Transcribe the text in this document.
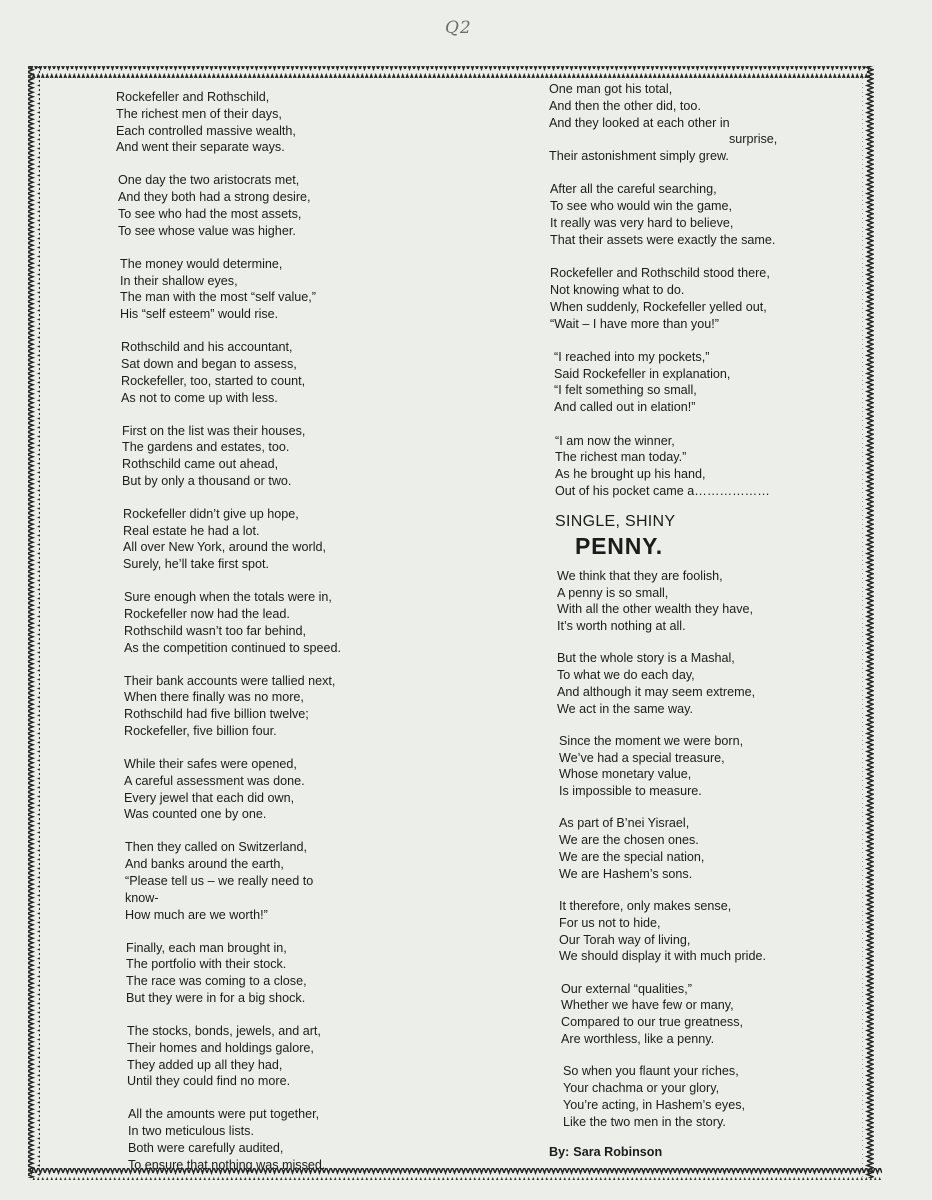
Q2
Rockefeller and Rothschild,
The richest men of their days,
Each controlled massive wealth,
And went their separate ways.
One day the two aristocrats met,
And they both had a strong desire,
To see who had the most assets,
To see whose value was higher.
The money would determine,
In their shallow eyes,
The man with the most “self value,”
His “self esteem” would rise.
Rothschild and his accountant,
Sat down and began to assess,
Rockefeller, too, started to count,
As not to come up with less.
First on the list was their houses,
The gardens and estates, too.
Rothschild came out ahead,
But by only a thousand or two.
Rockefeller didn’t give up hope,
Real estate he had a lot.
All over New York, around the world,
Surely, he’ll take first spot.
Sure enough when the totals were in,
Rockefeller now had the lead.
Rothschild wasn’t too far behind,
As the competition continued to speed.
Their bank accounts were tallied next,
When there finally was no more,
Rothschild had five billion twelve;
Rockefeller, five billion four.
While their safes were opened,
A careful assessment was done.
Every jewel that each did own,
Was counted one by one.
Then they called on Switzerland,
And banks around the earth,
“Please tell us – we really need to
know-
How much are we worth!”
Finally, each man brought in,
The portfolio with their stock.
The race was coming to a close,
But they were in for a big shock.
The stocks, bonds, jewels, and art,
Their homes and holdings galore,
They added up all they had,
Until they could find no more.
All the amounts were put together,
In two meticulous lists.
Both were carefully audited,
To ensure that nothing was missed.
One man got his total,
And then the other did, too.
And they looked at each other in
surprise,
Their astonishment simply grew.
After all the careful searching,
To see who would win the game,
It really was very hard to believe,
That their assets were exactly the same.
Rockefeller and Rothschild stood there,
Not knowing what to do.
When suddenly, Rockefeller yelled out,
“Wait – I have more than you!”
“I reached into my pockets,”
Said Rockefeller in explanation,
“I felt something so small,
And called out in elation!”
“I am now the winner,
The richest man today.”
As he brought up his hand,
Out of his pocket came a………………
SINGLE, SHINY
PENNY.
We think that they are foolish,
A penny is so small,
With all the other wealth they have,
It’s worth nothing at all.
But the whole story is a Mashal,
To what we do each day,
And although it may seem extreme,
We act in the same way.
Since the moment we were born,
We’ve had a special treasure,
Whose monetary value,
Is impossible to measure.
As part of B’nei Yisrael,
We are the chosen ones.
We are the special nation,
We are Hashem’s sons.
It therefore, only makes sense,
For us not to hide,
Our Torah way of living,
We should display it with much pride.
Our external “qualities,”
Whether we have few or many,
Compared to our true greatness,
Are worthless, like a penny.
So when you flaunt your riches,
Your chachma or your glory,
You’re acting, in Hashem’s eyes,
Like the two men in the story.
By: Sara Robinson
